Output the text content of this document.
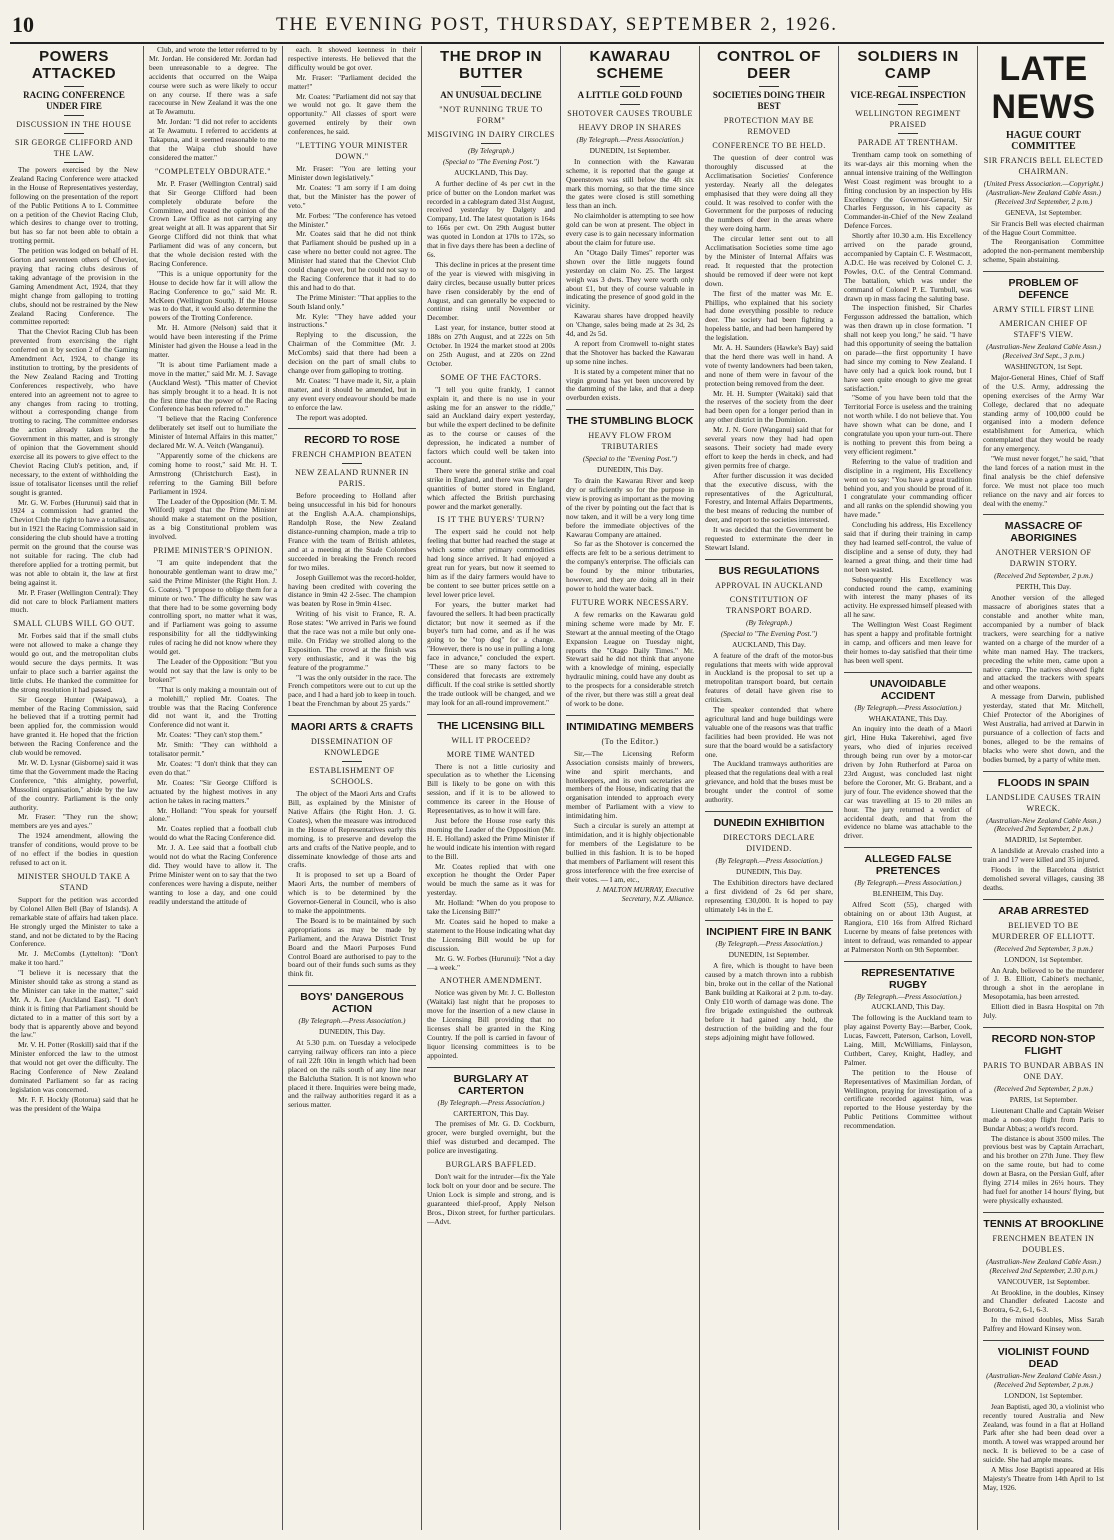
10	THE EVENING POST, THURSDAY, SEPTEMBER 2, 1926.
POWERS ATTACKED
RACING CONFERENCE UNDER FIRE
DISCUSSION IN THE HOUSE
SIR GEORGE CLIFFORD AND THE LAW.
The powers exercised by the New Zealand Racing Conference were attacked in the House of Representatives yesterday, following on the presentation of the report of the Public Petitions A to L Committee on a petition of the Cheviot Racing Club, which desires to change over to trotting, but has so far not been able to obtain a trotting permit.
The petition was lodged on behalf of H. Gorton and seventeen others of Cheviot, praying that racing clubs desirous of taking advantage of the provision in the Gaming Amendment Act, 1924, that they might change from galloping to trotting clubs, should not be restrained by the New Zealand Racing Conference. The committee reported:
That the Cheviot Racing Club has been prevented from exercising the right conferred on it by section 2 of the Gaming Amendment Act, 1924, to change its institution to trotting, by the presidents of the New Zealand Racing and Trotting Conferences respectively, who have entered into an agreement not to agree to any changes from racing to trotting, without a corresponding change from trotting to racing. The committee endorses the action already taken by the Government in this matter, and is strongly of opinion that the Government should exercise all its powers to give effect to the Cheviot Racing Club's petition, and, if necessary, to the extent of withholding the issue of totalisator licenses until the relief sought is granted.
Mr. G. W. Forbes (Hurunui) said that in 1924 a commission had granted the Cheviot Club the right to have a totalisator, but in 1921 the Racing Commission said in considering the club should have a trotting permit on the ground that the course was not suitable for racing. The club had therefore applied for a trotting permit, but was not able to obtain it, the law at first being against it.
Mr. P. Fraser (Wellington Central): They did not care to block Parliament matters much.
SMALL CLUBS WILL GO OUT.
Mr. Forbes said that if the small clubs were not allowed to make a change they would go out, and the metropolitan clubs would secure the days permits. It was unfair to place such a barrier against the little clubs. He thanked the committee for the strong resolution it had passed.
Sir George Hunter (Waipawa), a member of the Racing Commission, said he believed that if a trotting permit had been applied for, the commission would have granted it. He hoped that the friction between the Racing Conference and the club would be removed.
Mr. W. D. Lysnar (Gisborne) said it was time that the Government made the Racing Conference, "this almighty, powerful, Mussolini organisation," abide by the law of the country. Parliament is the only authority.
Mr. Fraser: "They run the show; members are yes and ayes."
The 1924 amendment, allowing the transfer of conditions, would prove to be of no effect if the bodies in question refused to act on it.
MINISTER SHOULD TAKE A STAND
Support for the petition was accorded by Colonel Allen Bell (Bay of Islands). A remarkable state of affairs had taken place. He strongly urged the Minister to take a stand, and not be dictated to by the Racing Conference.
Mr. J. McCombs (Lyttelton): "Don't make it too hard."
"I believe it is necessary that the Minister should take as strong a stand as the Minister can take in the matter," said Mr. A. A. Lee (Auckland East). "I don't think it is fitting that Parliament should be dictated to in a matter of this sort by a body that is apparently above and beyond the law."
Mr. V. H. Potter (Roskill) said that if the Minister enforced the law to the utmost that would not get over the difficulty. The Racing Conference of New Zealand dominated Parliament so far as racing legislation was concerned.
Mr. F. F. Hockly (Rotorua) said that he was the president of the Waipa
Club, and wrote the letter referred to by Mr. Jordan. He considered Mr. Jordan had been unreasonable to a degree. The accidents that occurred on the Waipa course were such as were likely to occur on any course. If there was a safe racecourse in New Zealand it was the one at Te Awamutu.
Mr. Jordan: "I did not refer to accidents at Te Awamutu. I referred to accidents at Takapuna, and it seemed reasonable to me that the Waipa club should have considered the matter."
"COMPLETELY OBDURATE."
Mr. P. Fraser (Wellington Central) said that Sir George Clifford had been completely obdurate before the Committee, and treated the opinion of the Crown Law Office as not carrying any great weight at all. It was apparent that Sir George Clifford did not think that what Parliament did was of any concern, but that the whole decision rested with the Racing Conference.
"This is a unique opportunity for the House to decide how far it will allow the Racing Conference to go," said Mr. R. McKeen (Wellington South). If the House was to do that, it would also determine the powers of the Trotting Conference.
Mr. H. Atmore (Nelson) said that it would have been interesting if the Prime Minister had given the House a lead in the matter.
"It is about time Parliament made a move in the matter," said Mr. M. J. Savage (Auckland West). "This matter of Cheviot has simply brought it to a head. It is not the first time that the power of the Racing Conference has been referred to."
"I believe that the Racing Conference deliberately set itself out to humiliate the Minister of Internal Affairs in this matter," declared Mr. W. A. Veitch (Wanganui).
"Apparently some of the chickens are coming home to roost," said Mr. H. T. Armstrong (Christchurch East), in referring to the Gaming Bill before Parliament in 1924.
The Leader of the Opposition (Mr. T. M. Wilford) urged that the Prime Minister should make a statement on the position, as a big Constitutional problem was involved.
PRIME MINISTER'S OPINION.
"I am quite independent that the honourable gentleman want to draw me," said the Prime Minister (the Right Hon. J. G. Coates). "I propose to oblige them for a minute or two." The difficulty he saw was that there had to be some governing body controlling sport, no matter what it was, and if Parliament was going to assume responsibility for all the tiddlywinking rules of racing he did not know where they would get.
The Leader of the Opposition: "But you would not say that the law is only to be broken?"
"That is only making a mountain out of a molehill," replied Mr. Coates. The trouble was that the Racing Conference did not want it, and the Trotting Conference did not want it.
Mr. Coates: "They can't stop them."
Mr. Smith: "They can withhold a totalisator permit."
Mr. Coates: "I don't think that they can even do that."
Mr. Coates: "Sir George Clifford is actuated by the highest motives in any action he takes in racing matters."
Mr. Holland: "You speak for yourself alone."
Mr. Coates replied that a football club would do what the Racing Conference did.
Mr. J. A. Lee said that a football club would not do what the Racing Conference did. They would have to allow it. The Prime Minister went on to say that the two conferences were having a dispute, neither wanting to lose a day, and one could readily understand the attitude of
each. It showed keenness in their respective interests. He believed that the difficulty would be got over.
Mr. Fraser: "Parliament decided the matter!"
Mr. Coates: "Parliament did not say that we would not go. It gave them the opportunity." All classes of sport were governed entirely by their own conferences, he said.
"LETTING YOUR MINISTER DOWN."
Mr. Fraser: "You are letting your Minister down legislatively."
Mr. Coates: "I am sorry if I am doing that, but the Minister has the power of veto."
Mr. Forbes: "The conference has vetoed the Minister."
Mr. Coates said that he did not think that Parliament should be pushed up in a case where no better could not agree. The Minister had stated that the Cheviot Club could change over, but he could not say to the Racing Conference that it had to do this and had to do that.
The Prime Minister: "That applies to the South Island only."
Mr. Kyle: "They have added your instructions."
Replying to the discussion, the Chairman of the Committee (Mr. J. McCombs) said that there had been a decision on the part of small clubs to change over from galloping to trotting.
Mr. Coates: "I have made it, Sir, a plain matter, and it should be amended, but in any event every endeavour should be made to enforce the law.
The report was adopted.
RECORD TO ROSE
FRENCH CHAMPION BEATEN
NEW ZEALAND RUNNER IN PARIS.
Before proceeding to Holland after being unsuccessful in his bid for honours at the English A.A.A. championships, Randolph Rose, the New Zealand distance-running champion, made a trip to France with the team of British athletes, and at a meeting at the Stade Colombes succeeded in breaking the French record for two miles.
Joseph Guillemot was the record-holder, having been credited with covering the distance in 9min 42 2-5sec. The champion was beaten by Rose in 9min 41sec.
Writing of his visit to France, R. A. Rose states: "We arrived in Paris we found that the race was not a mile but only one-mile. On Friday we strolled along to the Exposition. The crowd at the finish was very enthusiastic, and it was the big feature of the programme."
"I was the only outsider in the race. The French competitors were out to cut up the pace, and I had a hard job to keep in touch. I beat the Frenchman by about 25 yards."
MAORI ARTS & CRAFTS
DISSEMINATION OF KNOWLEDGE
ESTABLISHMENT OF SCHOOLS.
The object of the Maori Arts and Crafts Bill, as explained by the Minister of Native Affairs (the Right Hon. J. G. Coates), when the measure was introduced in the House of Representatives early this morning, is to preserve and develop the arts and crafts of the Native people, and to disseminate knowledge of those arts and crafts.
It is proposed to set up a Board of Maori Arts, the number of members of which is to be determined by the Governor-General in Council, who is also to make the appointments.
The Board is to be maintained by such appropriations as may be made by Parliament, and the Arawa District Trust Board and the Maori Purposes Fund Control Board are authorised to pay to the board out of their funds such sums as they think fit.
BOYS' DANGEROUS ACTION
(By Telegraph.—Press Association.)
DUNEDIN, This Day.
At 5.30 p.m. on Tuesday a velocipede carrying railway officers ran into a piece of rail 22ft 10in in length which had been placed on the rails south of any line near the Balclutha Station. It is not known who placed it there. Inquiries were being made, and the railway authorities regard it as a serious matter.
THE DROP IN BUTTER
AN UNUSUAL DECLINE
"NOT RUNNING TRUE TO FORM"
MISGIVING IN DAIRY CIRCLES
(By Telegraph.)
(Special to "The Evening Post.")
AUCKLAND, This Day.
A further decline of 4s per cwt in the price of butter on the London market was recorded in a cablegram dated 31st August, received yesterday by Dalgety and Company, Ltd. The latest quotation is 164s to 166s per cwt. On 29th August butter was quoted in London at 170s to 172s, so that in five days there has been a decline of 6s.
This decline in prices at the present time of the year is viewed with misgiving in dairy circles, because usually butter prices have risen considerably by the end of August, and can generally be expected to continue rising until November or December.
Last year, for instance, butter stood at 188s on 27th August, and at 222s on 5th October. In 1924 the market stood at 200s on 25th August, and at 220s on 22nd October.
SOME OF THE FACTORS.
"I tell you quite frankly, I cannot explain it, and there is no use in your asking me for an answer to the riddle," said an Auckland dairy expert yesterday, but while the expert declined to be definite as to the course or causes of the depression, he indicated a number of factors which could well be taken into account.
There were the general strike and coal strike in England, and there was the larger quantities of butter stored in England, which affected the British purchasing power and the market generally.
IS IT THE BUYERS' TURN?
The expert said he could not help feeling that butter had reached the stage at which some other primary commodities had long since arrived. It had enjoyed a great run for years, but now it seemed to him as if the dairy farmers would have to be content to see butter prices settle on a level lower price level.
For years, the butter market had favoured the sellers. It had been practically dictator; but now it seemed as if the buyer's turn had come, and as if he was going to be "top dog" for a change. "However, there is no use in pulling a long face in advance," concluded the expert. "These are so many factors to be considered that forecasts are extremely difficult. If the coal strike is settled shortly the trade outlook will be changed, and we may look for an all-round improvement."
THE LICENSING BILL
WILL IT PROCEED?
MORE TIME WANTED
There is not a little curiosity and speculation as to whether the Licensing Bill is likely to be gone on with this session, and if it is to be allowed to commence its career in the House of Representatives, as to how it will fare.
Just before the House rose early this morning the Leader of the Opposition (Mr. H. E. Holland) asked the Prime Minister if he would indicate his intention with regard to the Bill.
Mr. Coates replied that with one exception he thought the Order Paper would be much the same as it was for yesterday.
Mr. Holland: "When do you propose to take the Licensing Bill?"
Mr. Coates said he hoped to make a statement to the House indicating what day the Licensing Bill would be up for discussion.
Mr. G. W. Forbes (Hurunui): "Not a day—a week."
ANOTHER AMENDMENT.
Notice was given by Mr. J. C. Bolleston (Waitaki) last night that he proposes to move for the insertion of a new clause in the Licensing Bill providing that no licenses shall be granted in the King Country. If the poll is carried in favour of liquor licensing committees is to be appointed.
BURGLARY AT CARTERTON
(By Telegraph.—Press Association.)
CARTERTON, This Day.
The premises of Mr. G. D. Cockburn, grocer, were burgled overnight, but the thief was disturbed and decamped. The police are investigating.
BURGLARS BAFFLED.
Don't wait for the intruder—fix the Yale lock bolt on your door and be secure. The Union Lock is simple and strong, and is guaranteed thief-proof, Apply Nelson Bros., Dixon street, for further particulars.—Advt.
KAWARAU SCHEME
A LITTLE GOLD FOUND
SHOTOVER CAUSES TROUBLE
HEAVY DROP IN SHARES
(By Telegraph.—Press Association.)
DUNEDIN, 1st September.
In connection with the Kawarau scheme, it is reported that the gauge at Queenstown was still below the 4ft six mark this morning, so that the time since the gates were closed is still something less than an inch.
No claimholder is attempting to see how gold can be won at present. The object in every case is to gain necessary information about the claim for future use.
An "Otago Daily Times" reporter was shown over the little nuggets found yesterday on claim No. 25. The largest weigh was 3 dwts. They were worth only about £1, but they of course valuable in indicating the presence of good gold in the vicinity.
Kawarau shares have dropped heavily on 'Change, sales being made at 2s 3d, 2s 4d, and 2s 5d.
A report from Cromwell to-night states that the Shotover has backed the Kawarau up some nine inches.
It is stated by a competent miner that no virgin ground has yet been uncovered by the damming of the lake, and that a deep overburden exists.
THE STUMBLING BLOCK
HEAVY FLOW FROM TRIBUTARIES
(Special to the "Evening Post.")
DUNEDIN, This Day.
To drain the Kawarau River and keep dry or sufficiently so for the purpose in view is proving as important as the moving of the river by pointing out the fact that is now taken, and it will be a very long time before the immediate objectives of the Kawarau Company are attained.
So far as the Shotover is concerned the effects are felt to be a serious detriment to the company's enterprise. The officials can be found by the minor tributaries, however, and they are doing all in their power to hold the water back.
FUTURE WORK NECESSARY.
A few remarks on the Kawarau gold mining scheme were made by Mr. F. Stewart at the annual meeting of the Otago Expansion League on Tuesday night, reports the "Otago Daily Times." Mr. Stewart said he did not think that anyone with a knowledge of mining, especially hydraulic mining, could have any doubt as to the prospects for a considerable stretch of the river, but there was still a great deal of work to be done.
INTIMIDATING MEMBERS
(To the Editor.)
Sir,—The Licensing Reform Association consists mainly of brewers, wine and spirit merchants, and hotelkeepers, and its own secretaries are members of the House, indicating that the organisation intended to approach every member of Parliament with a view to intimidating him.
Such a circular is surely an attempt at intimidation, and it is highly objectionable for members of the Legislature to be bullied in this fashion. It is to be hoped that members of Parliament will resent this gross interference with the free exercise of their votes. — I am, etc.,
J. MALTON MURRAY, Executive Secretary, N.Z. Alliance.
CONTROL OF DEER
SOCIETIES DOING THEIR BEST
PROTECTION MAY BE REMOVED
CONFERENCE TO BE HELD.
The question of deer control was thoroughly discussed at the Acclimatisation Societies' Conference yesterday. Nearly all the delegates emphasised that they were doing all they could. It was resolved to confer with the Government for the purposes of reducing the numbers of deer in the areas where they were doing harm.
The circular letter sent out to all Acclimatisation Societies some time ago by the Minister of Internal Affairs was read. It requested that the protection should be removed if deer were not kept down.
The first of the matter was Mr. E. Phillips, who explained that his society had done everything possible to reduce deer. The society had been fighting a hopeless battle, and had been hampered by the legislation.
Mr. A. H. Saunders (Hawke's Bay) said that the herd there was well in hand. A vote of twenty landowners had been taken, and none of them were in favour of the protection being removed from the deer.
Mr. H. H. Sumpter (Waitaki) said that the reserves of the society from the deer had been open for a longer period than in any other district in the Dominion.
Mr. J. N. Gore (Wanganui) said that for several years now they had had open seasons. Their society had made every effort to keep the herds in check, and had given permits free of charge.
After further discussion it was decided that the executive discuss, with the representatives of the Agricultural, Forestry, and Internal Affairs Departments, the best means of reducing the number of deer, and report to the societies interested.
It was decided that the Government be requested to exterminate the deer in Stewart Island.
BUS REGULATIONS
APPROVAL IN AUCKLAND
CONSTITUTION OF TRANSPORT BOARD.
(By Telegraph.)
(Special to "The Evening Post.")
AUCKLAND, This Day.
A feature of the draft of the motor-bus regulations that meets with wide approval in Auckland is the proposal to set up a metropolitan transport board, but certain features of detail have given rise to criticism.
The speaker contended that where agricultural land and huge buildings were valuable one of the reasons was that traffic facilities had been provided. He was not sure that the board would be a satisfactory one.
The Auckland tramways authorities are pleased that the regulations deal with a real grievance, and hold that the buses must be brought under the control of some authority.
DUNEDIN EXHIBITION
DIRECTORS DECLARE DIVIDEND.
(By Telegraph.—Press Association.)
DUNEDIN, This Day.
The Exhibition directors have declared a first dividend of 2s 6d per share, representing £30,000. It is hoped to pay ultimately 14s in the £.
INCIPIENT FIRE IN BANK
(By Telegraph.—Press Association.)
DUNEDIN, 1st September.
A fire, which is thought to have been caused by a match thrown into a rubbish bin, broke out in the cellar of the National Bank building at Kaikorai at 2 p.m. to-day. Only £10 worth of damage was done. The fire brigade extinguished the outbreak before it had gained any hold, the destruction of the building and the four steps adjoining might have followed.
SOLDIERS IN CAMP
VICE-REGAL INSPECTION
WELLINGTON REGIMENT PRAISED
PARADE AT TRENTHAM.
Trentham camp took on something of its war-days air this morning when the annual intensive training of the Wellington West Coast regiment was brought to a fitting conclusion by an inspection by His Excellency the Governor-General, Sir Charles Fergusson, in his capacity as Commander-in-Chief of the New Zealand Defence Forces.
Shortly after 10.30 a.m. His Excellency arrived on the parade ground, accompanied by Captain C. F. Westmacott, A.D.C. He was received by Colonel C. J. Powles, O.C. of the Central Command. The battalion, which was under the command of Colonel P. E. Turnbull, was drawn up in mass facing the saluting base.
The inspection finished, Sir Charles Fergusson addressed the battalion, which was then drawn up in close formation. "I shall not keep you long," he said. "I have had this opportunity of seeing the battalion on parade—the first opportunity I have had since my coming to New Zealand. I have only had a quick look round, but I have seen quite enough to give me great satisfaction."
"Some of you have been told that the Territorial Force is useless and the training not worth while. I do not believe that. You have shown what can be done, and I congratulate you upon your turn-out. There is nothing to prevent this from being a very efficient regiment."
Referring to the value of tradition and discipline in a regiment, His Excellency went on to say: "You have a great tradition behind you, and you should be proud of it. I congratulate your commanding officer and all ranks on the splendid showing you have made."
Concluding his address, His Excellency said that if during their training in camp they had learned self-control, the value of discipline and a sense of duty, they had learned a great thing, and their time had not been wasted.
Subsequently His Excellency was conducted round the camp, examining with interest the many phases of its activity. He expressed himself pleased with all he saw.
The Wellington West Coast Regiment has spent a happy and profitable fortnight in camp, and officers and men leave for their homes to-day satisfied that their time has been well spent.
UNAVOIDABLE ACCIDENT
(By Telegraph.—Press Association.)
WHAKATANE, This Day.
An inquiry into the death of a Maori girl, Hine Huka Takerehiwi, aged five years, who died of injuries received through being run over by a motor-car driven by John Rutherford at Paroa on 23rd August, was concluded last night before the Coroner, Mr. G. Brabant, and a jury of four. The evidence showed that the car was travelling at 15 to 20 miles an hour. The jury returned a verdict of accidental death, and that from the evidence no blame was attachable to the driver.
ALLEGED FALSE PRETENCES
(By Telegraph.—Press Association.)
BLENHEIM, This Day.
Alfred Scott (55), charged with obtaining on or about 13th August, at Rangiora, £10 16s from Alfred Richard Lucerne by means of false pretences with intent to defraud, was remanded to appear at Palmerston North on 9th September.
REPRESENTATIVE RUGBY
(By Telegraph.—Press Association.)
AUCKLAND, This Day.
The following is the Auckland team to play against Poverty Bay:—Barber, Cook, Lucas, Fawcett, Paterson, Carlson, Lovell, Laing, Mill, McWilliams, Finlayson, Cuthbert, Carey, Knight, Hadley, and Palmer.
The petition to the House of Representatives of Maximilian Jordan, of Wellington, praying for investigation of a certificate recorded against him, was reported to the House yesterday by the Public Petitions Committee without recommendation.
LATE NEWS
HAGUE COURT COMMITTEE
SIR FRANCIS BELL ELECTED CHAIRMAN.
(United Press Association.—Copyright.) (Australian-New Zealand Cable Assn.) (Received 3rd September, 2 p.m.)
GENEVA, 1st September.
Sir Francis Bell was elected chairman of the Hague Court Committee.
The Reorganisation Committee adopted the non-permanent membership scheme, Spain abstaining.
PROBLEM OF DEFENCE
ARMY STILL FIRST LINE
AMERICAN CHIEF OF STAFF'S VIEW.
(Australian-New Zealand Cable Assn.) (Received 3rd Sept., 3 p.m.)
WASHINGTON, 1st Sept.
Major-General Hines, Chief of Staff of the U.S. Army, addressing the opening exercises of the Army War College, declared that no adequate standing army of 100,000 could be organised into a modern defence establishment for America, which contemplated that they would be ready for any emergency.
"We must never forget," he said, "that the land forces of a nation must in the final analysis be the chief defensive force. We must not place too much reliance on the navy and air forces to deal with the enemy."
MASSACRE OF ABORIGINES
ANOTHER VERSION OF DARWIN STORY.
(Received 2nd September, 2 p.m.)
PERTH, This Day.
Another version of the alleged massacre of aborigines states that a constable and another white man, accompanied by a number of black trackers, were searching for a native wanted on a charge of the murder of a white man named Hay. The trackers, preceding the white men, came upon a native camp. The natives showed fight and attacked the trackers with spears and other weapons.
A message from Darwin, published yesterday, stated that Mr. Mitchell, Chief Protector of the Aborigines of West Australia, had arrived at Darwin in pursuance of a collection of facts and bones, alleged to be the remains of blacks who were shot down, and the bodies burned, by a party of white men.
FLOODS IN SPAIN
LANDSLIDE CAUSES TRAIN WRECK.
(Australian-New Zealand Cable Assn.) (Received 2nd September, 2 p.m.)
MADRID, 1st September.
A landslide at Arevalo crashed into a train and 17 were killed and 35 injured.
Floods in the Barcelona district demolished several villages, causing 38 deaths.
ARAB ARRESTED
BELIEVED TO BE MURDERER OF ELLIOTT.
(Received 2nd September, 3 p.m.)
LONDON, 1st September.
An Arab, believed to be the murderer of J. B. Elliott, Cabinet's mechanic, through a shot in the aeroplane in Mesopotamia, has been arrested.
Elliott died in Basra Hospital on 7th July.
RECORD NON-STOP FLIGHT
PARIS TO BUNDAR ABBAS IN ONE DAY.
(Received 2nd September, 2 p.m.)
PARIS, 1st September.
Lieutenant Challe and Captain Weiser made a non-stop flight from Paris to Bundar Abbas; a world's record.
The distance is about 3500 miles. The previous best was by Captain Arrachart, and his brother on 27th June. They flew on the same route, but had to come down at Basra, on the Persian Gulf, after flying 2714 miles in 26½ hours. They had fuel for another 14 hours' flying, but were physically exhausted.
TENNIS AT BROOKLINE
FRENCHMEN BEATEN IN DOUBLES.
(Australian-New Zealand Cable Assn.) (Received 2nd September, 2.30 p.m.)
VANCOUVER, 1st September.
At Brookline, in the doubles, Kinsey and Chandler defeated Lacoste and Borotra, 6-2, 6-1, 6-3.
In the mixed doubles, Miss Sarah Palfrey and Howard Kinsey won.
VIOLINIST FOUND DEAD
(Australian-New Zealand Cable Assn.) (Received 2nd September, 2 p.m.)
LONDON, 1st September.
Jean Baptisti, aged 30, a violinist who recently toured Australia and New Zealand, was found in a flat at Holland Park after she had been dead over a month. A towel was wrapped around her neck. It is believed to be a case of suicide. She had ample means.
A Miss Jose Baptisti appeared at His Majesty's Theatre from 14th April to 1st May, 1926.
